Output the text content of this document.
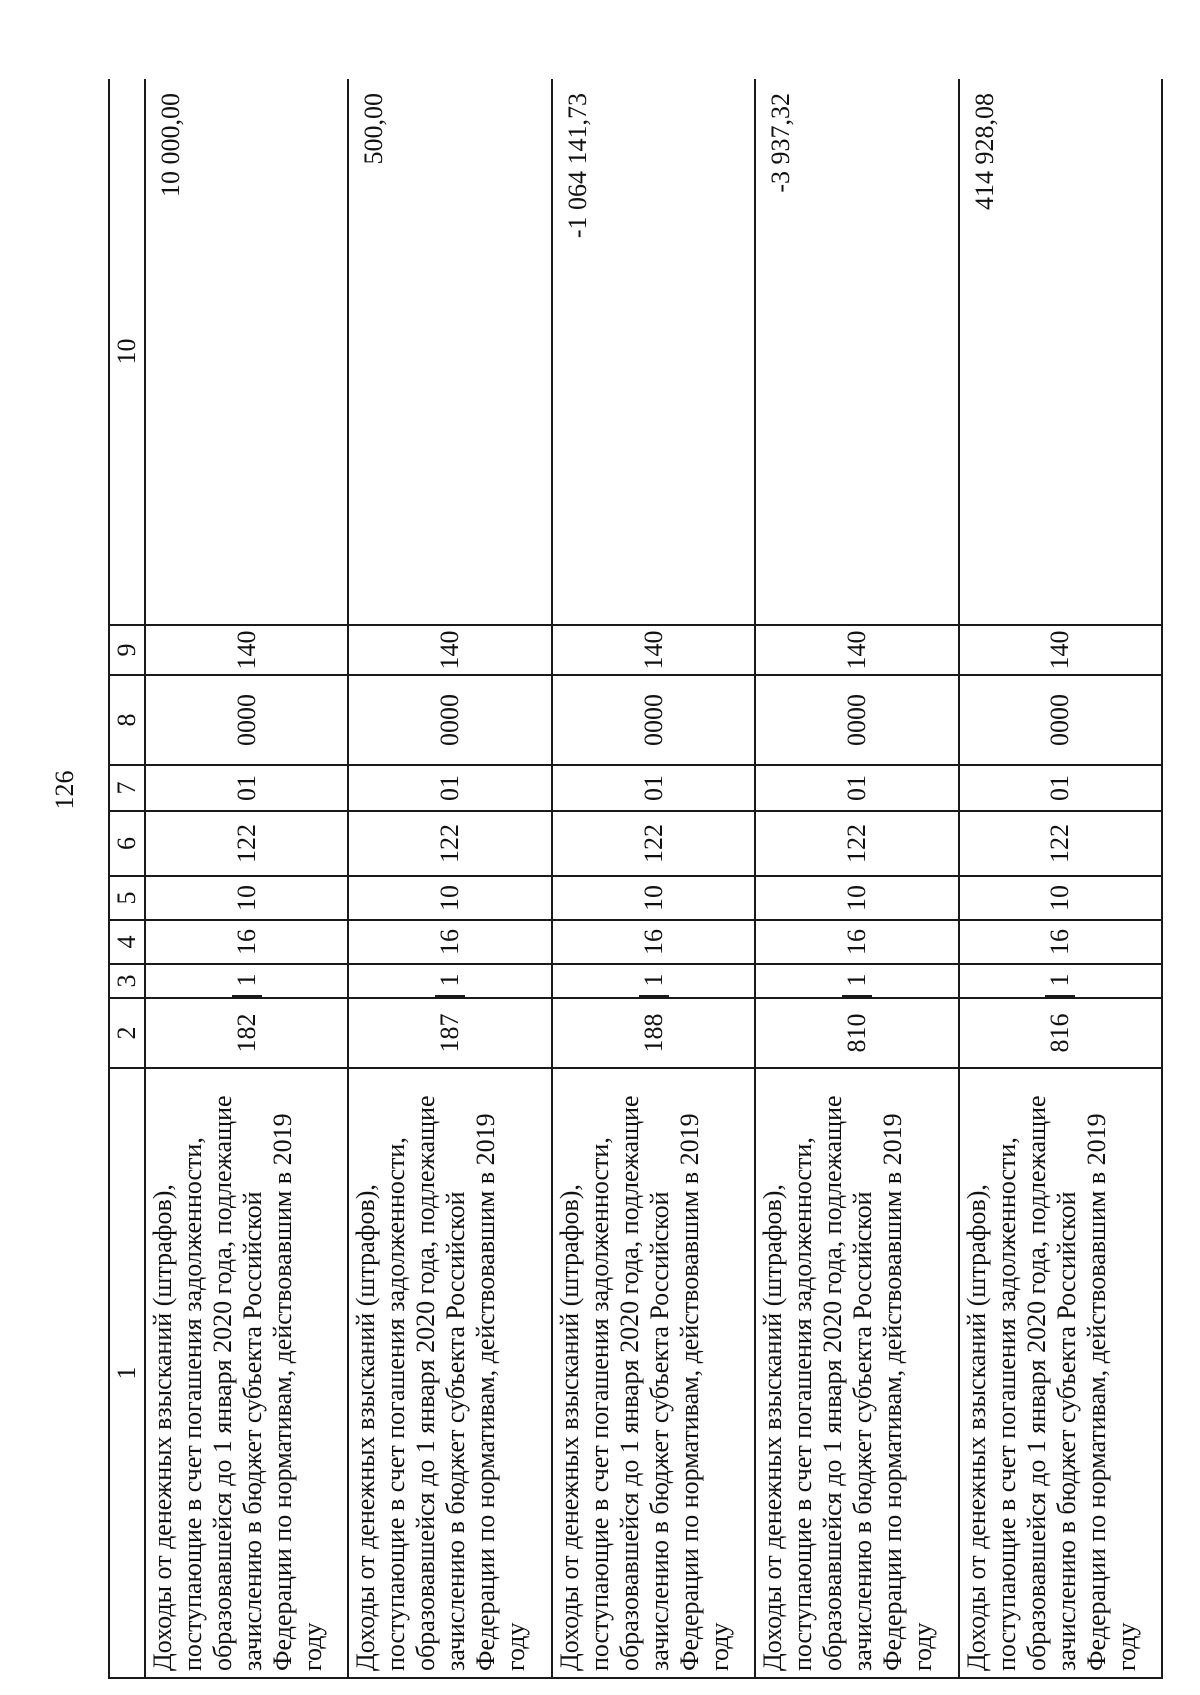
126
1	2	3	4	5	6	7	8	9	10
Доходы от денежных взысканий (штрафов), поступающие в счет погашения задолженности, образовавшейся до 1 января 2020 года, подлежащие зачислению в бюджет субъекта Российской Федерации по нормативам, действовавшим в 2019 году	182	1	16	10	122	01	0000	140	10 000,00
Доходы от денежных взысканий (штрафов), поступающие в счет погашения задолженности, образовавшейся до 1 января 2020 года, подлежащие зачислению в бюджет субъекта Российской Федерации по нормативам, действовавшим в 2019 году	187	1	16	10	122	01	0000	140	500,00
Доходы от денежных взысканий (штрафов), поступающие в счет погашения задолженности, образовавшейся до 1 января 2020 года, подлежащие зачислению в бюджет субъекта Российской Федерации по нормативам, действовавшим в 2019 году	188	1	16	10	122	01	0000	140	-1 064 141,73
Доходы от денежных взысканий (штрафов), поступающие в счет погашения задолженности, образовавшейся до 1 января 2020 года, подлежащие зачислению в бюджет субъекта Российской Федерации по нормативам, действовавшим в 2019 году	810	1	16	10	122	01	0000	140	-3 937,32
Доходы от денежных взысканий (штрафов), поступающие в счет погашения задолженности, образовавшейся до 1 января 2020 года, подлежащие зачислению в бюджет субъекта Российской Федерации по нормативам, действовавшим в 2019 году	816	1	16	10	122	01	0000	140	414 928,08
